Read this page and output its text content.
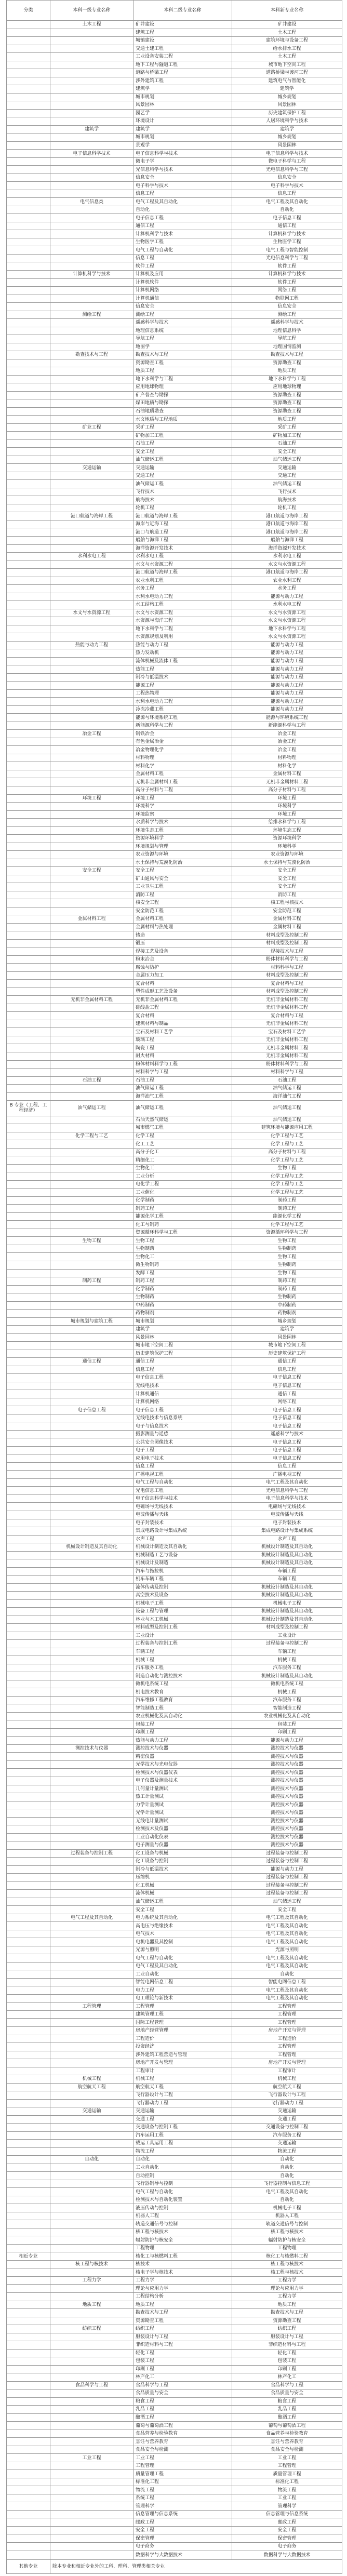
分类	本科一级专业名称	本科二级专业名称	本科新专业名称
	土木工程	矿井建设	矿井建设
		建筑工程	土木工程
		城镇建设	建筑环境与设备工程
		交通土建工程	给水排水工程
		工业设备安装工程	土木工程
		地下工程与隧道工程	城市地下空间工程
		道路与桥梁工程	道路桥梁与渡河工程
		涉外建筑工程	建筑电气与智能化
		建筑学	建筑学
		城市规划	城乡规划
		风景园林	风景园林
		园艺学	历史建筑保护工程
		环境设计	人居环境科学与技术
	建筑学	建筑学	建筑学
		城市规划	城乡规划
		景观学	风景园林
	电子信息科学技术	电子信息科学与技术	电子信息科学与技术
		微电子学	微电子科学与工程
		光信息科学与技术	光电信息科学与工程
		信息安全	信息安全
		电子科学与技术	电子科学与技术
		信息工程	信息工程
	电气信息类	电气工程及其自动化	电气工程及其自动化
		自动化	自动化
		电子信息工程	电子信息工程
		通信工程	通信工程
		计算机科学与技术	计算机科学与技术
		生物医学工程	生物医学工程
		电气工程与自动化	电气工程与智能控制
		信息工程	光电信息科学与工程
		软件工程	软件工程
	计算机科学与技术	计算机及应用	计算机科学与技术
		计算机软件	软件工程
		计算机网络	网络工程
		计算机通信	物联网工程
		信息安全	信息安全
	测绘工程	测绘工程	测绘工程
		遥感科学与技术	遥感科学与技术
		地理信息系统	地理信息科学
		导航工程	导航工程
		地图学	地理国情监测
	勘查技术与工程	勘查技术与工程	勘查技术与工程
		资源勘查工程	资源勘查工程
		地质工程	地质工程
		地下水科学与工程	地下水科学与工程
		应用地球物理	应用地球物理
		矿产普查与勘探	资源勘查工程
		煤田地质与勘探	资源勘查工程
		石油地质勘查	资源勘查工程
		水文地质与工程地质	地质工程
	矿业工程	采矿工程	采矿工程
		矿物加工工程	矿物加工工程
		石油工程	石油工程
		安全工程	安全工程
		油气储运工程	油气储运工程
	交通运输	交通运输	交通运输
		交通工程	交通工程
		油气储运工程	油气储运工程
		飞行技术	飞行技术
		航海技术	航海技术
		轮机工程	轮机工程
	港口航道与海岸工程	港口航道与海岸工程	港口航道与海岸工程
		海岸与近海工程	港口航道与海岸工程
		港口与航道工程	港口航道与海岸工程
		船舶与海洋工程	船舶与海洋工程
		海洋资源开发技术	海洋资源开发技术
	水利水电工程	水利水电工程	水利水电工程
		水文与水资源工程	水文与水资源工程
		港口航道与海岸工程	港口航道与海岸工程
		农业水利工程	农业水利工程
		水务工程	水务工程
		水利水电动力工程	能源与动力工程
		水工结构工程	水利水电工程
	水文与水资源工程	水文与水资源工程	水文与水资源工程
		水资源与海洋工程	水文与水资源工程
		地下水科学与工程	地下水科学与工程
		水资源规划及利用	水文与水资源工程
	热能与动力工程	热能与动力工程	能源与动力工程
		热力发动机	能源与动力工程
		流体机械及流体工程	能源与动力工程
		热能工程	能源与动力工程
		制冷与低温技术	能源与动力工程
		能源工程	能源与动力工程
		工程热物理	能源与动力工程
		水利水电动力工程	能源与动力工程
		冷冻冷藏工程	能源与动力工程
		能源与环境系统工程	能源与环境系统工程
		新能源科学与工程	新能源科学与工程
	冶金工程	钢铁冶金	冶金工程
		有色金属冶金	冶金工程
		冶金物理化学	冶金工程
		材料物理	材料物理
		材料化学	材料化学
		金属材料工程	金属材料工程
		无机非金属材料工程	无机非金属材料工程
		高分子材料与工程	高分子材料与工程
	环境工程	环境工程	环境工程
		环境科学	环境科学
		环境监察	环境工程
		水质科学与技术	给排水科学与工程
		环境生态工程	环境生态工程
		资源环境科学	资源环境科学
		环境规划与管理	环境科学
		农业资源与环境	农业资源与环境
		水土保持与荒漠化防治	水土保持与荒漠化防治
	安全工程	安全工程	安全工程
		矿山通风与安全	安全工程
		工业卫生工程	安全工程
		消防工程	消防工程
		核安全工程	核工程与核技术
		安全防范工程	安全防范工程
	金属材料工程	金属材料工程	金属材料工程
		金属材料与热处理	金属材料工程
		铸造	材料成型及控制工程
		锻压	材料成型及控制工程
		焊接工艺及设备	焊接技术与工程
		粉末冶金	粉体材料科学与工程
		腐蚀与防护	材料科学与工程
		金属压力加工	材料成型及控制工程
		复合材料	复合材料与工程
		塑性成形工艺及设备	材料成型及控制工程
	无机非金属材料工程	无机非金属材料工程	无机非金属材料工程
		硅酸盐工程	无机非金属材料工程
		复合材料	复合材料与工程
		建筑材料与制品	无机非金属材料工程
		宝石及材料工艺学	宝石及材料工艺学
		玻璃工程	无机非金属材料工程
		陶瓷工程	无机非金属材料工程
		耐火材料	无机非金属材料工程
		粉体材料科学与工程	粉体材料科学与工程
		材料科学与工程	材料科学与工程
	石油工程	石油工程	石油工程
		油气储运工程	油气储运工程
		海洋油气工程	海洋油气工程
B 专业（工程、工程经济）	油气储运工程	油气储运工程	油气储运工程
		石油天然气储运	油气储运工程
		城市燃气工程	建筑环境与能源应用工程
	化学工程与工艺	化学工程	化学工程与工艺
		化工工艺	化学工程与工艺
		高分子化工	高分子材料与工程
		精细化工	化学工程与工艺
		生物化工	生物工程
		工业分析	化学工程与工艺
		电化学工程	化学工程与工艺
		工业催化	化学工程与工艺
		化学制药	制药工程
		制药工程	制药工程
		能源化学工程	能源化学工程
		化工与制药	化学工程与工艺
		资源循环科学与工程	资源循环科学与工程
	生物工程	生物工程	生物工程
		生物制药	生物制药
		生物化工	生物工程
		微生物制药	生物制药
		发酵工程	生物工程
	制药工程	制药工程	制药工程
		化学制药	制药工程
		生物制药	生物制药
		中药制药	中药制药
		药物制剂	药物制剂
	城市规划与建筑工程	城市规划	城乡规划
		建筑学	建筑学
		风景园林	风景园林
		城市地下空间工程	城市地下空间工程
		历史建筑保护工程	历史建筑保护工程
	通信工程	通信工程	通信工程
		信息工程	信息工程
		电子信息工程	电子信息工程
		无线电技术	电子信息工程
		计算机通信	通信工程
		计算机网络	网络工程
	电子信息工程	电子信息工程	电子信息工程
		无线电技术与信息系统	电子信息工程
		电子与信息技术	电子信息工程
		摄影测量与遥感	遥感科学与技术
		公共安全图像技术	电子信息工程
		电子工程	电子信息工程
		应用电子技术	电子信息工程
		信息工程	信息工程
		广播电视工程	广播电视工程
		电气工程与自动化	电气工程及其自动化
		光电信息工程	光电信息科学与工程
		电子信息科学与技术	电子信息科学与技术
		电磁场与无线技术	电磁场与无线技术
		电波传播与天线	电波传播与天线
		电子封装技术	电子封装技术
		集成电路设计与集成系统	集成电路设计与集成系统
		水声工程	水声工程
	机械设计制造及其自动化	机械设计制造及其自动化	机械设计制造及其自动化
		机械制造工艺与设备	机械设计制造及其自动化
		机械设计及制造	机械设计制造及其自动化
		汽车与拖拉机	车辆工程
		机车车辆工程	车辆工程
		流体传动及控制	机械设计制造及其自动化
		真空技术及设备	机械设计制造及其自动化
		机械电子工程	机械电子工程
		设备工程与管理	机械设计制造及其自动化
		林业与木工机械	机械设计制造及其自动化
		材料成型及控制工程	材料成型及控制工程
		工业设计	工业设计
		过程装备与控制工程	过程装备与控制工程
		车辆工程	车辆工程
		机械工程	机械工程
		汽车服务工程	汽车服务工程
		制造自动化与测控技术	机械设计制造及其自动化
		微机电系统工程	微机电系统工程
		机电技术教育	机械工程
		汽车维修工程教育	汽车服务工程
		智能制造工程	智能制造工程
		农业机械化及其自动化	农业机械化及其自动化
		包装工程	包装工程
		印刷工程	印刷工程
		热能与动力工程	能源与动力工程
	测控技术与仪器	测控技术与仪器	测控技术与仪器
		精密仪器	测控技术与仪器
		光学技术与光电仪器	测控技术与仪器
		检测技术与仪器仪表	测控技术与仪器
		电子仪器及测量技术	测控技术与仪器
		几何量计量测试	测控技术与仪器
		热工计量测试	测控技术与仪器
		力学计量测试	测控技术与仪器
		光学计量测试	测控技术与仪器
		无线电计量测试	测控技术与仪器
		检测技术及仪器	测控技术与仪器
		工业自动化仪表	测控技术与仪器
		电子测量与仪器	测控技术与仪器
	过程装备与控制工程	化工设备与机械	过程装备与控制工程
		化工设备与控制	过程装备与控制工程
		制冷与低温技术	能源与动力工程
		压缩机	过程装备与控制工程
		化工机械	过程装备与控制工程
		流体机械	过程装备与控制工程
		油气储运工程	油气储运工程
		安全工程	安全工程
	电气工程及其自动化	电力系统及其自动化	电气工程及其自动化
		高电压与绝缘技术	电气工程及其自动化
		电气技术	电气工程及其自动化
		电机电器及其控制	电气工程及其自动化
		光源与照明	光源与照明
		电气工程与自动化	电气工程及其自动化
		电气工程及其自动化	电气工程及其自动化
		工业自动化	自动化
		智能电网信息工程	智能电网信息工程
		电力工程	电气工程及其自动化
		电工理论与新技术	电气工程及其自动化
	工程管理	工程管理	工程管理
		建筑管理工程	工程管理
		国际工程管理	工程管理
		房地产经营管理	房地产开发与管理
		工程造价	工程造价
		投资经济	工程管理
		涉外建筑工程营造与管理	工程管理
		房地产开发与管理	房地产开发与管理
		工程审计	工程审计
	机械工程	机械工程	机械工程
	航空航天工程	航空航天工程	航空航天工程
		飞行器设计与工程	飞行器设计与工程
		飞行器动力工程	飞行器动力工程
	交通运输	交通运输	交通运输
		交通工程	交通工程
		交通设备与控制工程	交通设备与控制工程
		汽车运用工程	汽车服务工程
		载运工具运用工程	交通运输
		物流工程	物流工程
	自动化	自动化	自动化
		工业自动化	自动化
		自动控制	自动化
		飞行器制导与控制	飞行器控制与信息工程
		电气工程与自动化	电气工程及其自动化
		检测技术与自动化装置	自动化
		液压传动与控制	机械电子工程
		机器人工程	机器人工程
		轨道交通信号与控制	轨道交通信号与控制
		核工程与核技术	核工程与核技术
		辐射防护与核安全	辐射防护与核安全
		工程物理	工程物理
相近专业		核化工与核燃料工程	核化工与核燃料工程
	核工程与核技术	核技术	核工程与核技术
		核电子学与核技术	核工程与核技术
	工程力学	工程力学	工程力学
		理论与应用力学	理论与应用力学
		工程结构分析	工程力学
	地质工程	地质工程	地质工程
		勘查技术与工程	勘查技术与工程
		资源勘查工程	资源勘查工程
	纺织工程	纺织工程	纺织工程
		服装设计与工程	服装设计与工程
		非织造材料与工程	非织造材料与工程
		轻化工程	轻化工程
		包装工程	包装工程
		印刷工程	印刷工程
		林产化工	林产化工
	食品科学与工程	食品科学与工程	食品科学与工程
		食品质量与安全	食品质量与安全
		粮食工程	粮食工程
		乳品工程	乳品工程
		酿酒工程	酿酒工程
		葡萄与葡萄酒工程	葡萄与葡萄酒工程
		食品营养与检验教育	食品营养与检验教育
		烹饪与营养教育	烹饪与营养教育
		食品安全与检测	食品安全与检测
	工业工程	工业工程	工业工程
		工程管理	工程管理
		质量管理工程	质量管理工程
		标准化工程	标准化工程
		物流工程	物流工程
		系统工程	工业工程
		管理科学	管理科学
		信息管理与信息系统	信息管理与信息系统
		邮政工程	邮政工程
		安全工程	安全工程
		保密管理	保密管理
		电子商务	电子商务
		数据科学与大数据技术	数据科学与大数据技术
其他专业	除本专业和相近专业外的工科、理科、管理类相关专业		
